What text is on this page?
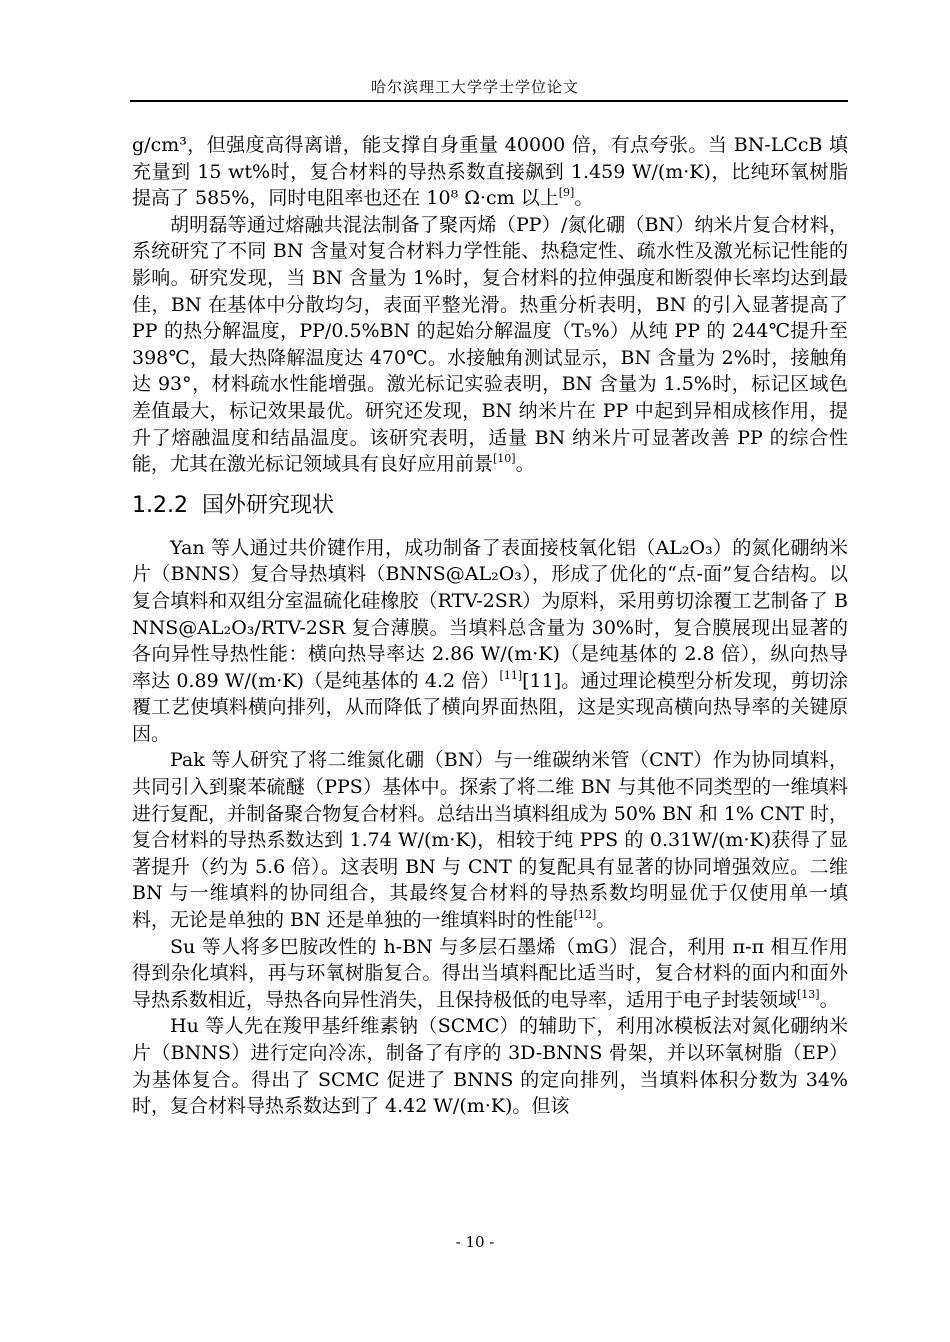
哈尔滨理工大学学士学位论文

g/cm³，但强度高得离谱，能支撑自身重量 40000 倍，有点夸张。当 BN-LCcB 填充量到 15 wt%时，复合材料的导热系数直接飙到 1.459 W/(m·K)，比纯环氧树脂提高了 585%，同时电阻率也还在 10⁸ Ω·cm 以上[9]。

胡明磊等通过熔融共混法制备了聚丙烯（PP）/氮化硼（BN）纳米片复合材料，系统研究了不同 BN 含量对复合材料力学性能、热稳定性、疏水性及激光标记性能的影响。研究发现，当 BN 含量为 1%时，复合材料的拉伸强度和断裂伸长率均达到最佳，BN 在基体中分散均匀，表面平整光滑。热重分析表明，BN 的引入显著提高了 PP 的热分解温度，PP/0.5%BN 的起始分解温度（T₅%）从纯 PP 的 244℃提升至 398℃，最大热降解温度达 470℃。水接触角测试显示，BN 含量为 2%时，接触角达 93°，材料疏水性能增强。激光标记实验表明，BN 含量为 1.5%时，标记区域色差值最大，标记效果最优。研究还发现，BN 纳米片在 PP 中起到异相成核作用，提升了熔融温度和结晶温度。该研究表明，适量 BN 纳米片可显著改善 PP 的综合性能，尤其在激光标记领域具有良好应用前景[10]。

1.2.2 国外研究现状

Yan 等人通过共价键作用，成功制备了表面接枝氧化铝（AL₂O₃）的氮化硼纳米片（BNNS）复合导热填料（BNNS@AL₂O₃），形成了优化的“点-面”复合结构。以复合填料和双组分室温硫化硅橡胶（RTV-2SR）为原料，采用剪切涂覆工艺制备了 BNNS@AL₂O₃/RTV-2SR 复合薄膜。当填料总含量为 30%时，复合膜展现出显著的各向异性导热性能：横向热导率达 2.86 W/(m·K)（是纯基体的 2.8 倍），纵向热导率达 0.89 W/(m·K)（是纯基体的 4.2 倍）[11][11]。通过理论模型分析发现，剪切涂覆工艺使填料横向排列，从而降低了横向界面热阻，这是实现高横向热导率的关键原因。

Pak 等人研究了将二维氮化硼（BN）与一维碳纳米管（CNT）作为协同填料，共同引入到聚苯硫醚（PPS）基体中。探索了将二维 BN 与其他不同类型的一维填料进行复配，并制备聚合物复合材料。总结出当填料组成为 50% BN 和 1% CNT 时，复合材料的导热系数达到 1.74 W/(m·K)，相较于纯 PPS 的 0.31W/(m·K)获得了显著提升（约为 5.6 倍）。这表明 BN 与 CNT 的复配具有显著的协同增强效应。二维 BN 与一维填料的协同组合，其最终复合材料的导热系数均明显优于仅使用单一填料，无论是单独的 BN 还是单独的一维填料时的性能[12]。

Su 等人将多巴胺改性的 h-BN 与多层石墨烯（mG）混合，利用 π-π 相互作用得到杂化填料，再与环氧树脂复合。得出当填料配比适当时，复合材料的面内和面外导热系数相近，导热各向异性消失，且保持极低的电导率，适用于电子封装领域[13]。

Hu 等人先在羧甲基纤维素钠（SCMC）的辅助下，利用冰模板法对氮化硼纳米片（BNNS）进行定向冷冻，制备了有序的 3D-BNNS 骨架，并以环氧树脂（EP）为基体复合。得出了 SCMC 促进了 BNNS 的定向排列，当填料体积分数为 34%时，复合材料导热系数达到了 4.42 W/(m·K)。但该

- 10 -
